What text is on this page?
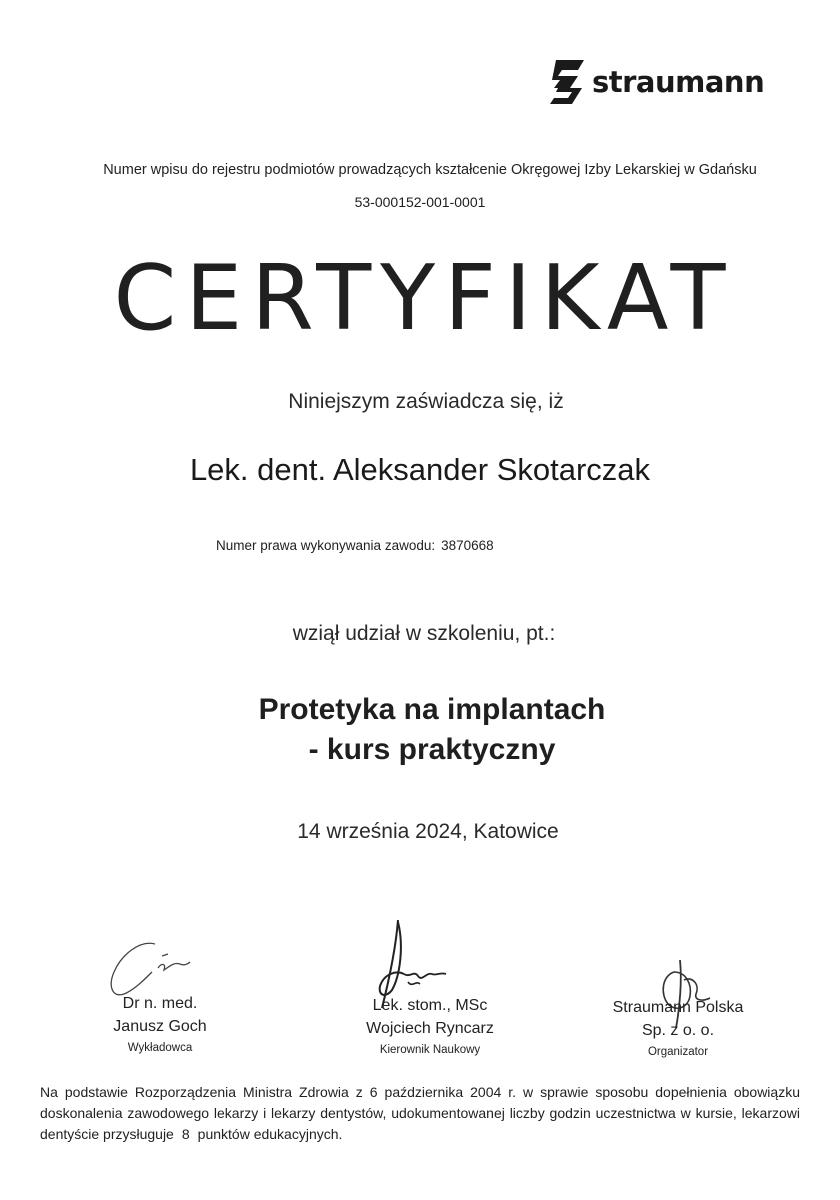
straumann
Numer wpisu do rejestru podmiotów prowadzących kształcenie Okręgowej Izby Lekarskiej w Gdańsku
53-000152-001-0001
CERTYFIKAT
Niniejszym zaświadcza się, iż
Lek. dent. Aleksander Skotarczak
Numer prawa wykonywania zawodu: 3870668
wziął udział w szkoleniu, pt.:
Protetyka na implantach
- kurs praktyczny
14 września 2024, Katowice
Dr n. med.
Janusz Goch
Wykładowca
Lek. stom., MSc
Wojciech Ryncarz
Kierownik Naukowy
Straumann Polska
Sp. z o. o.
Organizator
Na podstawie Rozporządzenia Ministra Zdrowia z 6 października 2004 r. w sprawie sposobu dopełnienia obowiązku doskonalenia zawodowego lekarzy i lekarzy dentystów, udokumentowanej liczby godzin uczestnictwa w kursie, lekarzowi dentyście przysługuje 8 punktów edukacyjnych.
